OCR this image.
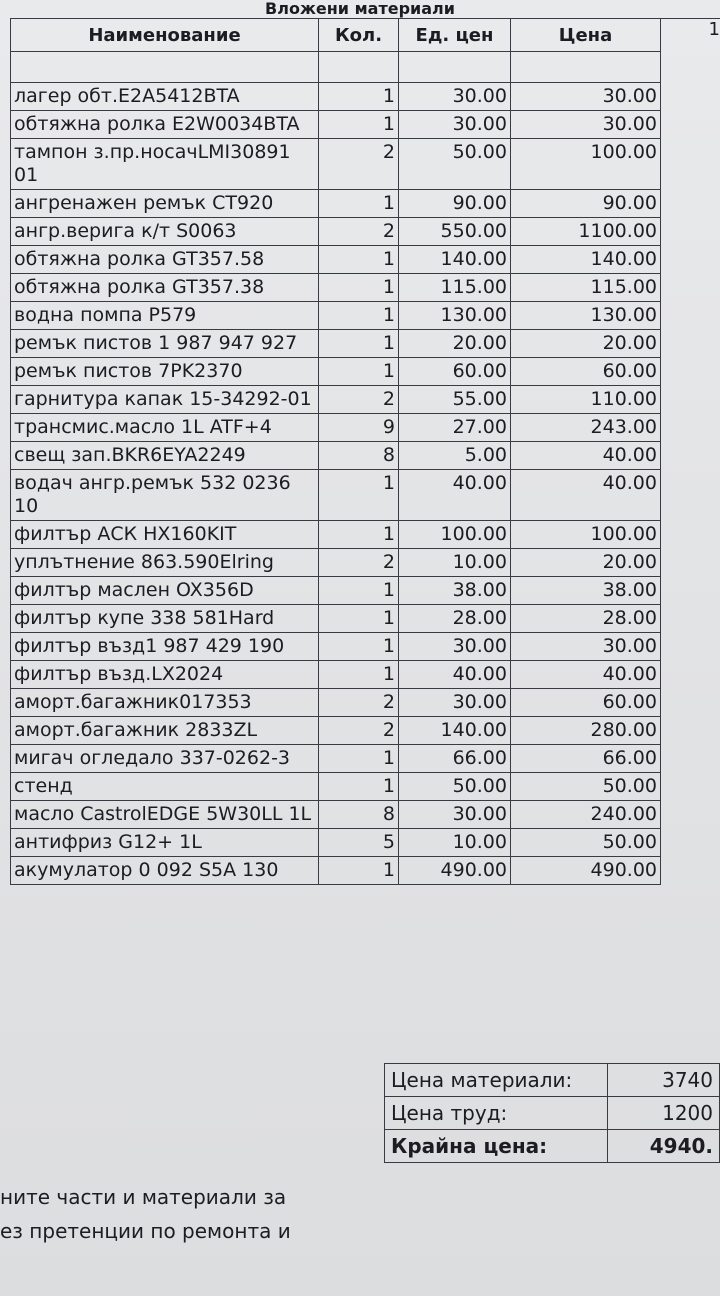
Вложени материали
1
Наименование	Кол.	Ед. цен	Цена

лагер обт.E2A5412BTA	1	30.00	30.00
обтяжна ролка E2W0034BTA	1	30.00	30.00
тампон з.пр.носачLMI30891 01	2	50.00	100.00
ангренажен ремък CT920	1	90.00	90.00
ангр.верига к/т S0063	2	550.00	1100.00
обтяжна ролка GT357.58	1	140.00	140.00
обтяжна ролка GT357.38	1	115.00	115.00
водна помпа P579	1	130.00	130.00
ремък пистов 1 987 947 927	1	20.00	20.00
ремък пистов 7PK2370	1	60.00	60.00
гарнитура капак 15-34292-01	2	55.00	110.00
трансмис.масло 1L ATF+4	9	27.00	243.00
свещ зап.BKR6EYA2249	8	5.00	40.00
водач ангр.ремък 532 0236 10	1	40.00	40.00
филтър АСК HX160KIT	1	100.00	100.00
уплътнение 863.590Elring	2	10.00	20.00
филтър маслен OX356D	1	38.00	38.00
филтър купе 338 581Hard	1	28.00	28.00
филтър възд1 987 429 190	1	30.00	30.00
филтър възд.LX2024	1	40.00	40.00
аморт.багажник017353	2	30.00	60.00
аморт.багажник 2833ZL	2	140.00	280.00
мигач огледало 337-0262-3	1	66.00	66.00
стенд	1	50.00	50.00
масло CastrolEDGE 5W30LL 1L	8	30.00	240.00
антифриз G12+ 1L	5	10.00	50.00
акумулатор 0 092 S5A 130	1	490.00	490.00
Цена материали:	3740
Цена труд:	1200
Крайна цена:	4940.
ните части и материали за
ез претенции по ремонта и
